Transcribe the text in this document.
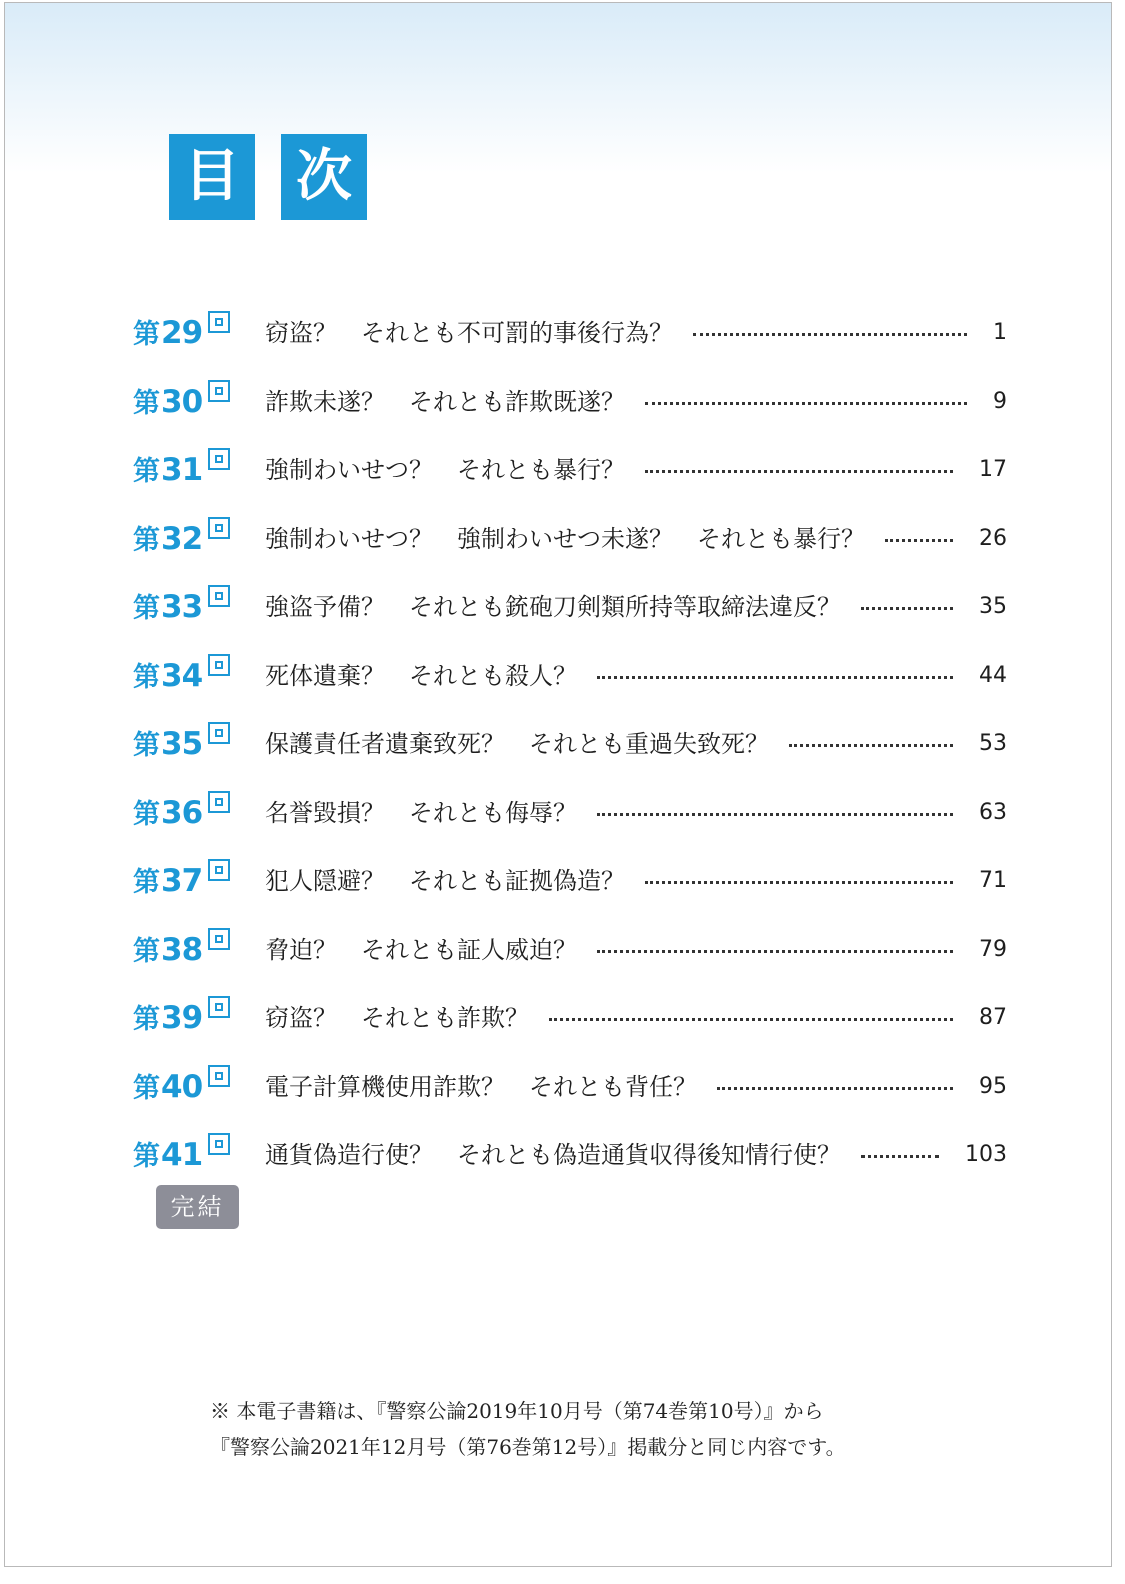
目 次
第 29	窃盗？　それとも不可罰的事後行為？	1
第 30	詐欺未遂？　それとも詐欺既遂？	9
第 31	強制わいせつ？　それとも暴行？	17
第 32	強制わいせつ？　強制わいせつ未遂？　それとも暴行？	26
第 33	強盗予備？　それとも銃砲刀剣類所持等取締法違反？	35
第 34	死体遺棄？　それとも殺人？	44
第 35	保護責任者遺棄致死？　それとも重過失致死？	53
第 36	名誉毀損？　それとも侮辱？	63
第 37	犯人隠避？　それとも証拠偽造？	71
第 38	脅迫？　それとも証人威迫？	79
第 39	窃盗？　それとも詐欺？	87
第 40	電子計算機使用詐欺？　それとも背任？	95
第 41	通貨偽造行使？　それとも偽造通貨収得後知情行使？	103
完結
※ 本電子書籍は、『警察公論2019年10月号（第74巻第10号）』から
『警察公論2021年12月号（第76巻第12号）』掲載分と同じ内容です。
